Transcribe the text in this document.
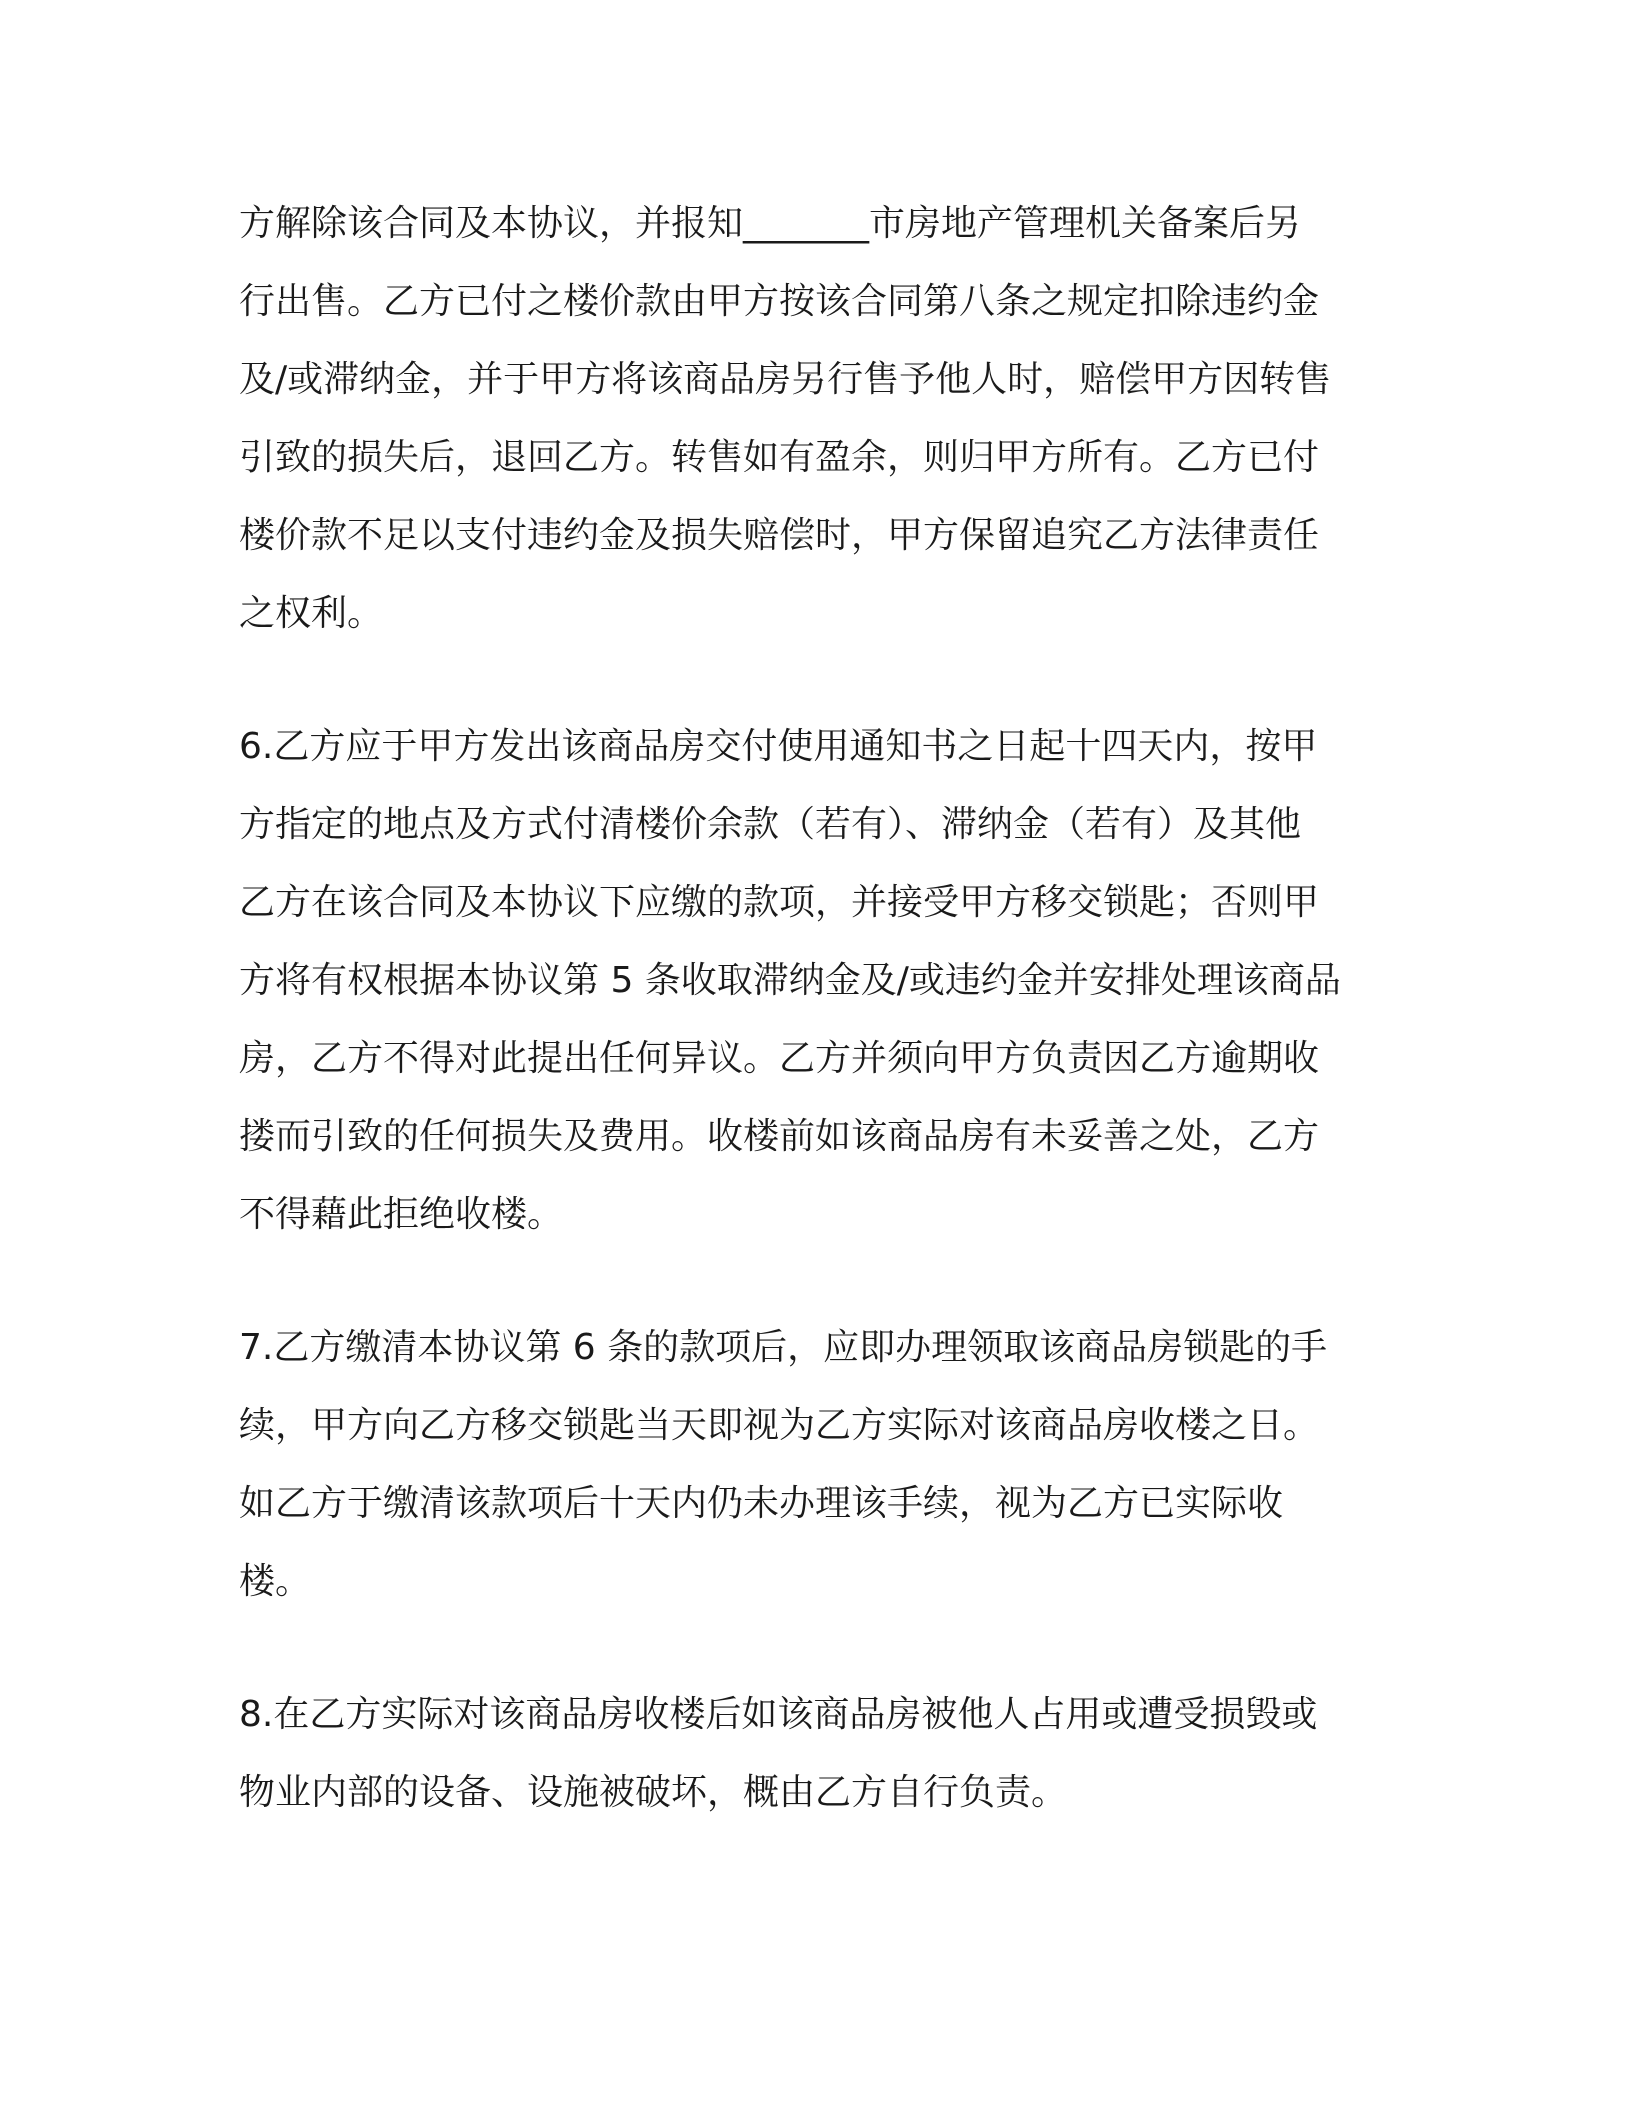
方解除该合同及本协议，并报知_______市房地产管理机关备案后另
行出售。乙方已付之楼价款由甲方按该合同第八条之规定扣除违约金
及/或滞纳金，并于甲方将该商品房另行售予他人时，赔偿甲方因转售
引致的损失后，退回乙方。转售如有盈余，则归甲方所有。乙方已付
楼价款不足以支付违约金及损失赔偿时，甲方保留追究乙方法律责任
之权利。
6.乙方应于甲方发出该商品房交付使用通知书之日起十四天内，按甲
方指定的地点及方式付清楼价余款（若有）、滞纳金（若有）及其他
乙方在该合同及本协议下应缴的款项，并接受甲方移交锁匙；否则甲
方将有权根据本协议第 5 条收取滞纳金及/或违约金并安排处理该商品
房，乙方不得对此提出任何异议。乙方并须向甲方负责因乙方逾期收
搂而引致的任何损失及费用。收楼前如该商品房有未妥善之处，乙方
不得藉此拒绝收楼。
7.乙方缴清本协议第 6 条的款项后，应即办理领取该商品房锁匙的手
续，甲方向乙方移交锁匙当天即视为乙方实际对该商品房收楼之日。
如乙方于缴清该款项后十天内仍未办理该手续，视为乙方已实际收
楼。
8.在乙方实际对该商品房收楼后如该商品房被他人占用或遭受损毁或
物业内部的设备、设施被破坏，概由乙方自行负责。
